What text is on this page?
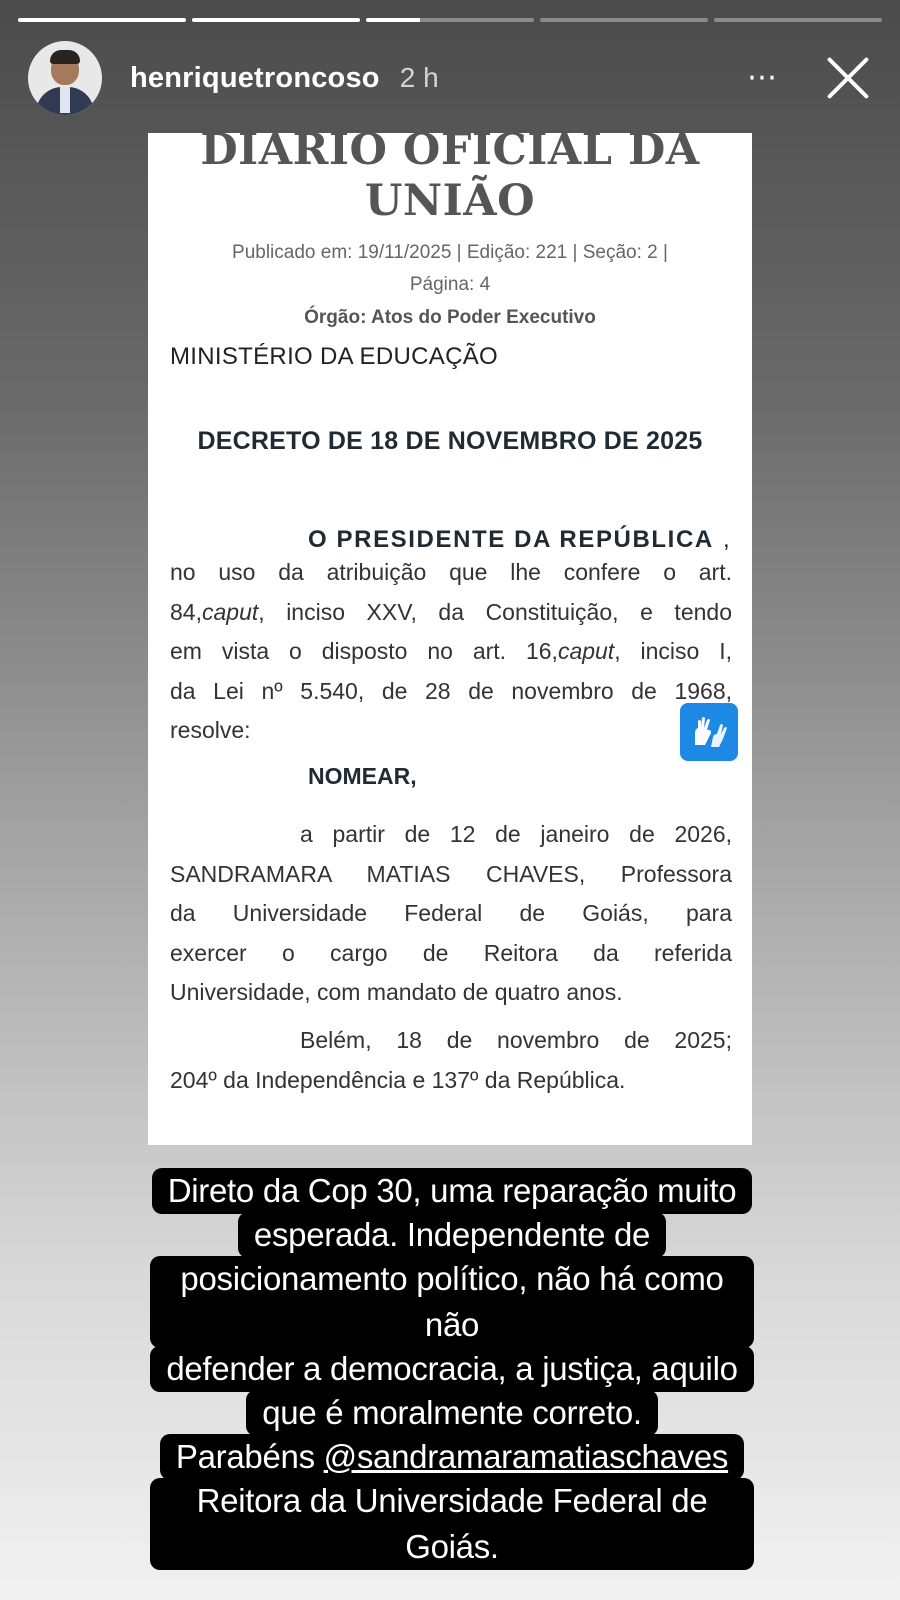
henriquetroncoso 2 h	⋯
DIARIO OFICIAL DA
UNIÃO
Publicado em: 19/11/2025 | Edição: 221 | Seção: 2 |
Página: 4
Órgão: Atos do Poder Executivo
MINISTÉRIO DA EDUCAÇÃO
DECRETO DE 18 DE NOVEMBRO DE 2025
O PRESIDENTE DA REPÚBLICA ,
no uso da atribuição que lhe confere o art.
84,caput, inciso XXV, da Constituição, e tendo
em vista o disposto no art. 16,caput, inciso I,
da Lei nº 5.540, de 28 de novembro de 1968,
resolve:
NOMEAR,
a partir de 12 de janeiro de 2026,
SANDRAMARA MATIAS CHAVES, Professora
da Universidade Federal de Goiás, para
exercer o cargo de Reitora da referida
Universidade, com mandato de quatro anos.
Belém, 18 de novembro de 2025;
204º da Independência e 137º da República.
Direto da Cop 30, uma reparação muito
esperada. Independente de
posicionamento político, não há como não
defender a democracia, a justiça, aquilo
que é moralmente correto.
Parabéns @sandramaramatiaschaves
Reitora da Universidade Federal de Goiás.
